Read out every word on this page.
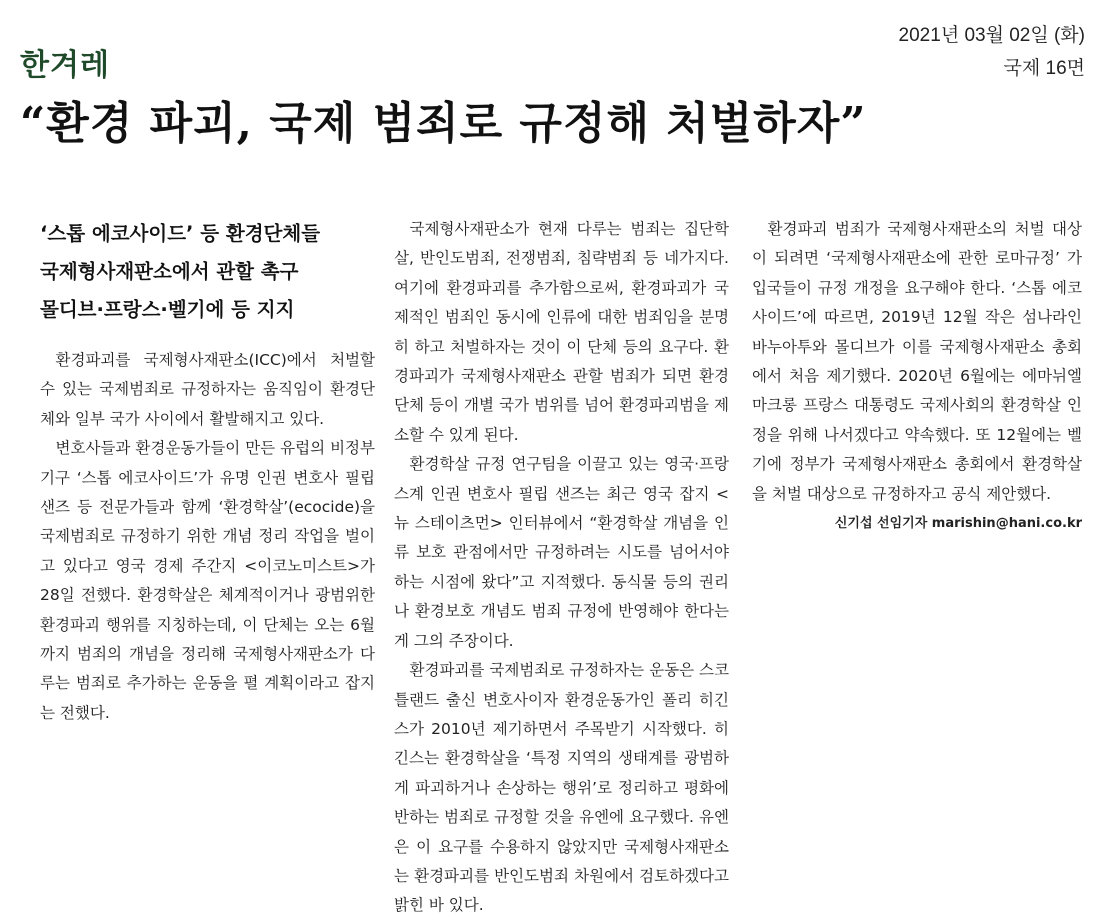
한겨레
2021년 03월 02일 (화)
국제 16면
“환경 파괴, 국제 범죄로 규정해 처벌하자”
‘스톱 에코사이드’ 등 환경단체들
국제형사재판소에서 관할 촉구
몰디브·프랑스·벨기에 등 지지

환경파괴를 국제형사재판소(ICC)에서 처벌할 수 있는 국제범죄로 규정하자는 움직임이 환경단체와 일부 국가 사이에서 활발해지고 있다.

변호사들과 환경운동가들이 만든 유럽의 비정부기구 ‘스톱 에코사이드’가 유명 인권 변호사 필립 샌즈 등 전문가들과 함께 ‘환경학살’(ecocide)을 국제범죄로 규정하기 위한 개념 정리 작업을 벌이고 있다고 영국 경제 주간지 <이코노미스트>가 28일 전했다. 환경학살은 체계적이거나 광범위한 환경파괴 행위를 지칭하는데, 이 단체는 오는 6월까지 범죄의 개념을 정리해 국제형사재판소가 다루는 범죄로 추가하는 운동을 펼 계획이라고 잡지는 전했다.

국제형사재판소가 현재 다루는 범죄는 집단학살, 반인도범죄, 전쟁범죄, 침략범죄 등 네가지다. 여기에 환경파괴를 추가함으로써, 환경파괴가 국제적인 범죄인 동시에 인류에 대한 범죄임을 분명히 하고 처벌하자는 것이 이 단체 등의 요구다. 환경파괴가 국제형사재판소 관할 범죄가 되면 환경단체 등이 개별 국가 범위를 넘어 환경파괴범을 제소할 수 있게 된다.

환경학살 규정 연구팀을 이끌고 있는 영국·프랑스계 인권 변호사 필립 샌즈는 최근 영국 잡지 <뉴 스테이츠먼> 인터뷰에서 “환경학살 개념을 인류 보호 관점에서만 규정하려는 시도를 넘어서야 하는 시점에 왔다”고 지적했다. 동식물 등의 권리나 환경보호 개념도 범죄 규정에 반영해야 한다는 게 그의 주장이다.

환경파괴를 국제범죄로 규정하자는 운동은 스코틀랜드 출신 변호사이자 환경운동가인 폴리 히긴스가 2010년 제기하면서 주목받기 시작했다. 히긴스는 환경학살을 ‘특정 지역의 생태계를 광범하게 파괴하거나 손상하는 행위’로 정리하고 평화에 반하는 범죄로 규정할 것을 유엔에 요구했다. 유엔은 이 요구를 수용하지 않았지만 국제형사재판소는 환경파괴를 반인도범죄 차원에서 검토하겠다고 밝힌 바 있다.

환경파괴 범죄가 국제형사재판소의 처벌 대상이 되려면 ‘국제형사재판소에 관한 로마규정’ 가입국들이 규정 개정을 요구해야 한다. ‘스톱 에코사이드’에 따르면, 2019년 12월 작은 섬나라인 바누아투와 몰디브가 이를 국제형사재판소 총회에서 처음 제기했다. 2020년 6월에는 에마뉘엘 마크롱 프랑스 대통령도 국제사회의 환경학살 인정을 위해 나서겠다고 약속했다. 또 12월에는 벨기에 정부가 국제형사재판소 총회에서 환경학살을 처벌 대상으로 규정하자고 공식 제안했다.

신기섭 선임기자 marishin@hani.co.kr
